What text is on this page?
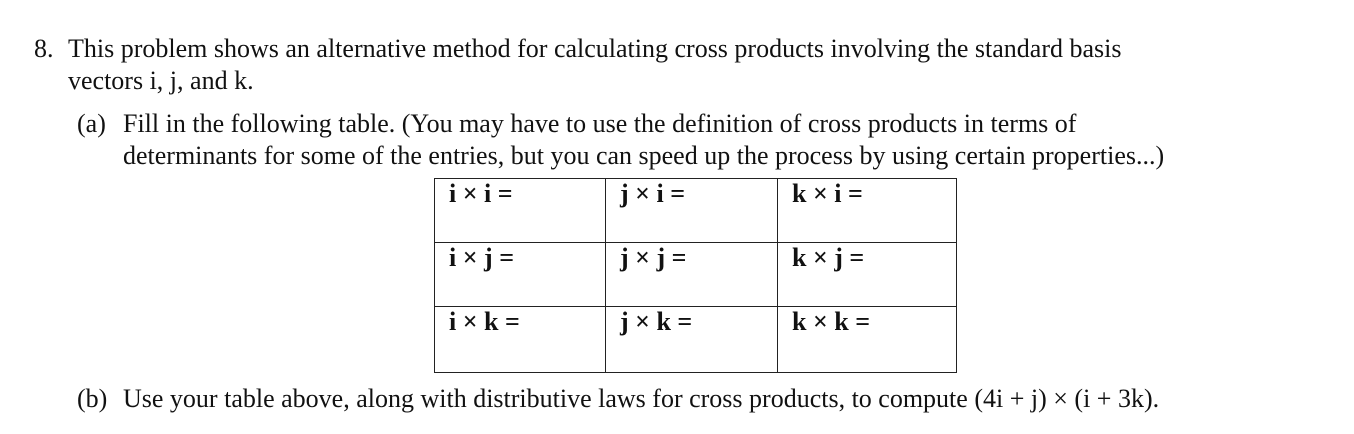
8. This problem shows an alternative method for calculating cross products involving the standard basis
vectors i, j, and k.
(a) Fill in the following table. (You may have to use the definition of cross products in terms of
determinants for some of the entries, but you can speed up the process by using certain properties...)
i × i =	j × i =	k × i =
i × j =	j × j =	k × j =
i × k =	j × k =	k × k =
(b) Use your table above, along with distributive laws for cross products, to compute (4i + j) × (i + 3k).
